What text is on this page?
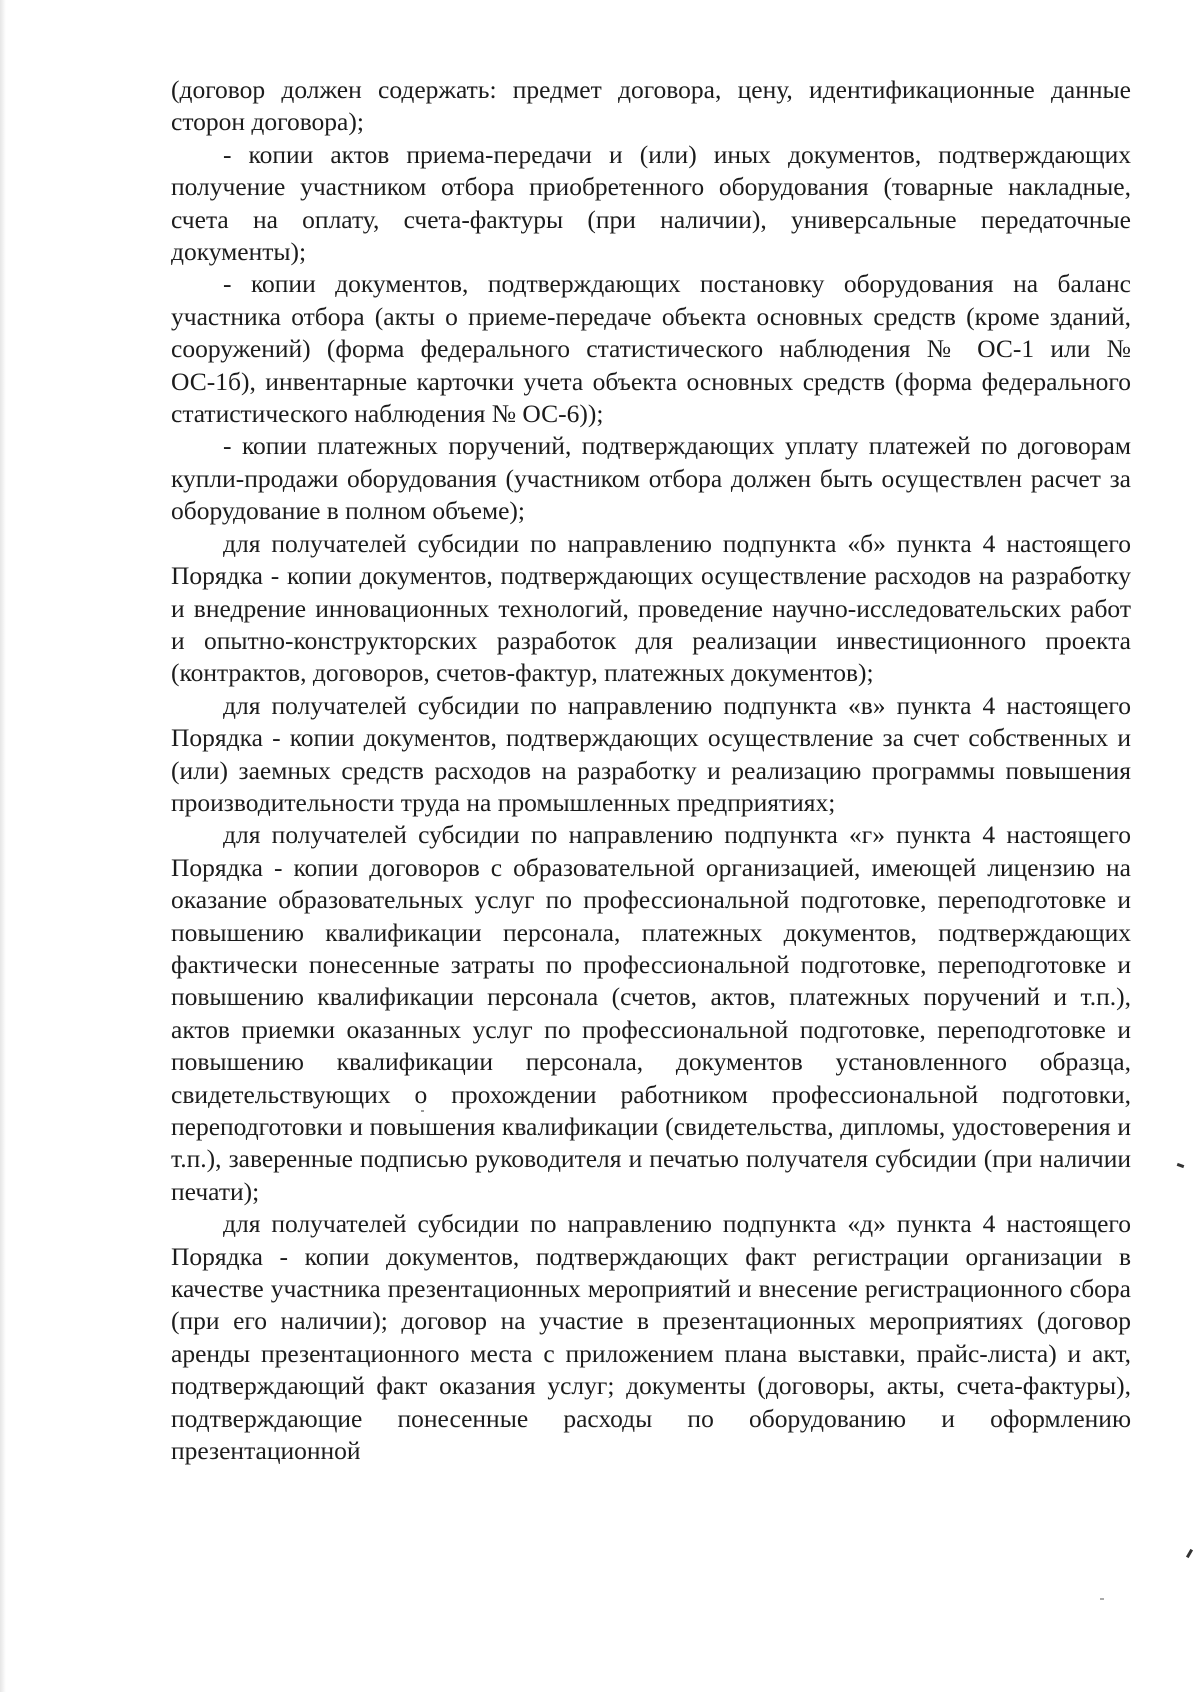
(договор должен содержать: предмет договора, цену, идентификационные данные сторон договора);

- копии актов приема-передачи и (или) иных документов, подтверждающих получение участником отбора приобретенного оборудования (товарные накладные, счета на оплату, счета-фактуры (при наличии), универсальные передаточные документы);

- копии документов, подтверждающих постановку оборудования на баланс участника отбора (акты о приеме-передаче объекта основных средств (кроме зданий, сооружений) (форма федерального статистического наблюдения № ОС-1 или № ОС-1б), инвентарные карточки учета объекта основных средств (форма федерального статистического наблюдения № ОС-6));

- копии платежных поручений, подтверждающих уплату платежей по договорам купли-продажи оборудования (участником отбора должен быть осуществлен расчет за оборудование в полном объеме);

для получателей субсидии по направлению подпункта «б» пункта 4 настоящего Порядка - копии документов, подтверждающих осуществление расходов на разработку и внедрение инновационных технологий, проведение научно-исследовательских работ и опытно-конструкторских разработок для реализации инвестиционного проекта (контрактов, договоров, счетов-фактур, платежных документов);

для получателей субсидии по направлению подпункта «в» пункта 4 настоящего Порядка - копии документов, подтверждающих осуществление за счет собственных и (или) заемных средств расходов на разработку и реализацию программы повышения производительности труда на промышленных предприятиях;

для получателей субсидии по направлению подпункта «г» пункта 4 настоящего Порядка - копии договоров с образовательной организацией, имеющей лицензию на оказание образовательных услуг по профессиональной подготовке, переподготовке и повышению квалификации персонала, платежных документов, подтверждающих фактически понесенные затраты по профессиональной подготовке, переподготовке и повышению квалификации персонала (счетов, актов, платежных поручений и т.п.), актов приемки оказанных услуг по профессиональной подготовке, переподготовке и повышению квалификации персонала, документов установленного образца, свидетельствующих о прохождении работником профессиональной подготовки, переподготовки и повышения квалификации (свидетельства, дипломы, удостоверения и т.п.), заверенные подписью руководителя и печатью получателя субсидии (при наличии печати);

для получателей субсидии по направлению подпункта «д» пункта 4 настоящего Порядка - копии документов, подтверждающих факт регистрации организации в качестве участника презентационных мероприятий и внесение регистрационного сбора (при его наличии); договор на участие в презентационных мероприятиях (договор аренды презентационного места с приложением плана выставки, прайс-листа) и акт, подтверждающий факт оказания услуг; документы (договоры, акты, счета-фактуры), подтверждающие понесенные расходы по оборудованию и оформлению презентационной
